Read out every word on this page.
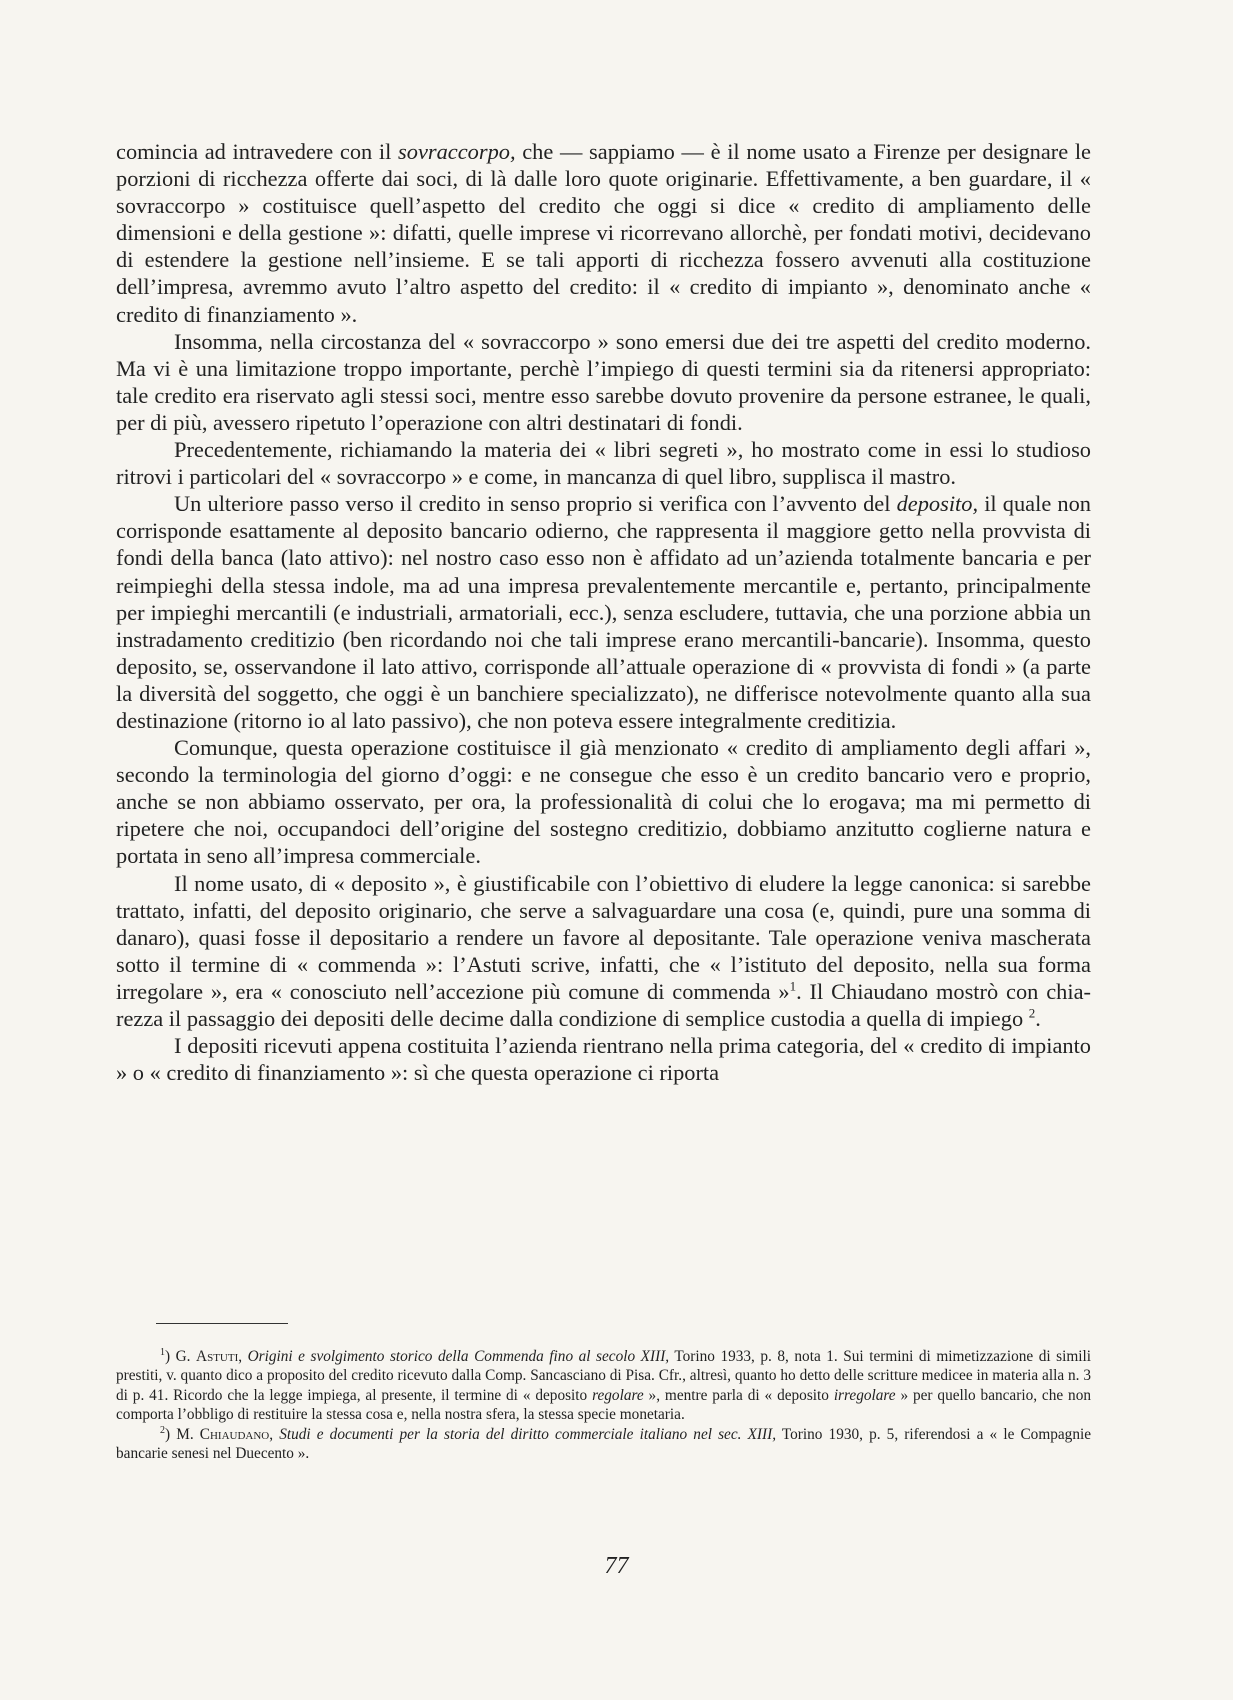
comincia ad intravedere con il sovraccorpo, che — sappiamo — è il nome usato a Firenze per designare le porzioni di ricchezza offerte dai soci, di là dalle loro quote originarie. Effettivamente, a ben guardare, il « sovraccorpo » costituisce quell’aspetto del credito che oggi si dice « credito di ampliamento delle dimensioni e della gestione »: difatti, quelle imprese vi ricorrevano allorchè, per fondati motivi, decidevano di estendere la gestione nell’insieme. E se tali apporti di ricchezza fossero avvenuti alla costituzione dell’impresa, avremmo avuto l’altro aspetto del credito: il « credito di impianto », denominato anche « credito di finanziamento ».

Insomma, nella circostanza del « sovraccorpo » sono emersi due dei tre aspetti del credito moderno. Ma vi è una limitazione troppo importante, perchè l’impiego di questi termini sia da ritenersi appropriato: tale credito era riservato agli stessi soci, mentre esso sarebbe dovuto provenire da persone estranee, le quali, per di più, avessero ripetuto l’operazione con altri destinatari di fondi.

Precedentemente, richiamando la materia dei « libri segreti », ho mostrato come in essi lo studioso ritrovi i particolari del « sovraccorpo » e come, in mancanza di quel libro, supplisca il mastro.

Un ulteriore passo verso il credito in senso proprio si verifica con l’avvento del deposito, il quale non corrisponde esattamente al deposito bancario odierno, che rappresenta il maggiore getto nella provvista di fondi della banca (lato attivo): nel nostro caso esso non è affidato ad un’azienda totalmente bancaria e per reimpieghi della stessa indole, ma ad una impresa prevalentemente mercantile e, pertanto, principalmente per impieghi mercantili (e industriali, armatoriali, ecc.), senza escludere, tuttavia, che una porzione abbia un instradamento creditizio (ben ricordando noi che tali imprese erano mercantili-bancarie). Insomma, questo deposito, se, osservandone il lato attivo, corrisponde all’attuale operazione di « provvista di fondi » (a parte la diversità del soggetto, che oggi è un banchiere specializzato), ne differisce notevolmente quanto alla sua destinazione (ritorno io al lato passivo), che non poteva essere integralmente creditizia.

Comunque, questa operazione costituisce il già menzionato « credito di ampliamento degli affari », secondo la terminologia del giorno d’oggi: e ne consegue che esso è un credito bancario vero e proprio, anche se non abbiamo osservato, per ora, la professionalità di colui che lo erogava; ma mi permetto di ripetere che noi, occupandoci dell’origine del sostegno creditizio, dobbiamo anzitutto coglierne natura e portata in seno all’impresa commerciale.

Il nome usato, di « deposito », è giustificabile con l’obiettivo di eludere la legge canonica: si sarebbe trattato, infatti, del deposito originario, che serve a salvaguardare una cosa (e, quindi, pure una somma di danaro), quasi fosse il depositario a rendere un favore al depositante. Tale operazione veniva mascherata sotto il termine di « commenda »: l’Astuti scrive, infatti, che « l’istituto del deposito, nella sua forma irregolare », era « conosciuto nell’accezione più comune di commenda »$^1$. Il Chiaudano mostrò con chiarezza il passaggio dei depositi delle decime dalla condizione di semplice custodia a quella di impiego $^2$.

I depositi ricevuti appena costituita l’azienda rientrano nella prima categoria, del « credito di impianto » o « credito di finanziamento »: sì che questa operazione ci riporta

$^1$) G. Astuti, Origini e svolgimento storico della Commenda fino al secolo XIII, Torino 1933, p. 8, nota 1. Sui termini di mimetizzazione di simili prestiti, v. quanto dico a proposito del credito ricevuto dalla Comp. Sancasciano di Pisa. Cfr., altresì, quanto ho detto delle scritture medicee in materia alla n. 3 di p. 41. Ricordo che la legge impiega, al presente, il termine di « deposito regolare », mentre parla di « deposito irregolare » per quello bancario, che non comporta l’obbligo di restituire la stessa cosa e, nella nostra sfera, la stessa specie monetaria.

$^2$) M. Chiaudano, Studi e documenti per la storia del diritto commerciale italiano nel sec. XIII, Torino 1930, p. 5, riferendosi a « le Compagnie bancarie senesi nel Duecento ».

77
